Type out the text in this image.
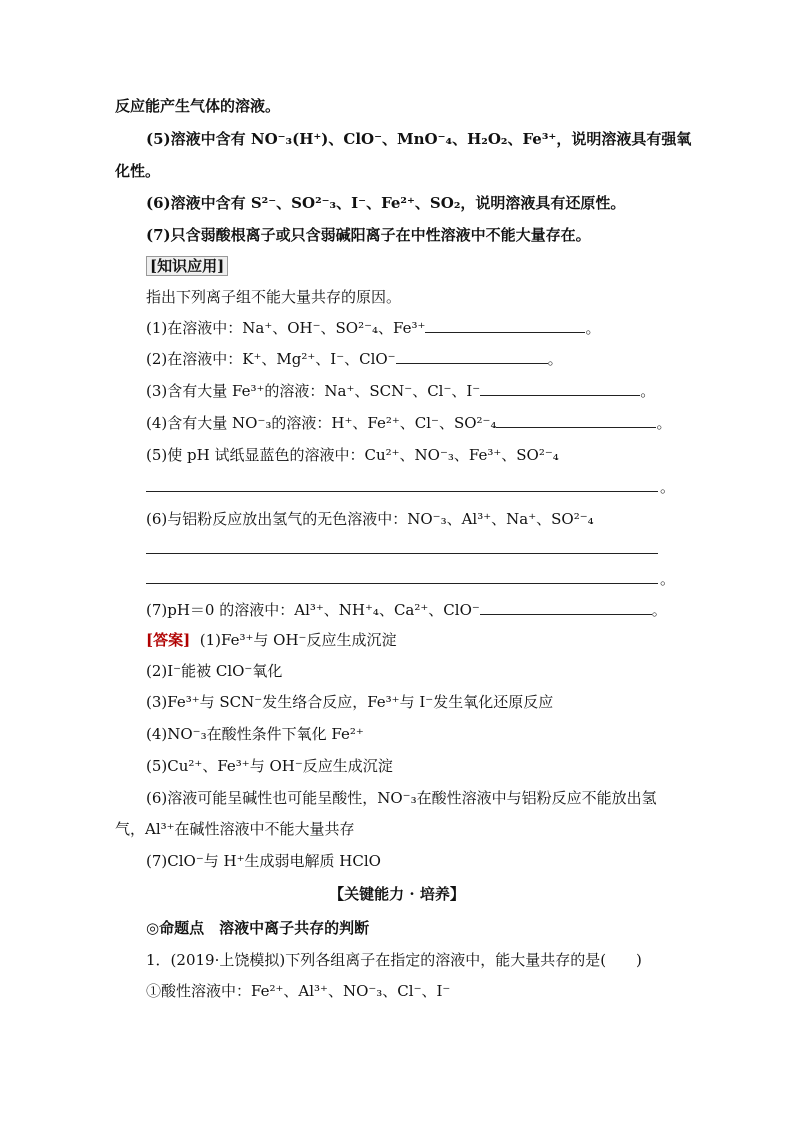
反应能产生气体的溶液。
(5)溶液中含有 NO⁻₃(H⁺)、ClO⁻、MnO⁻₄、H₂O₂、Fe³⁺，说明溶液具有强氧
化性。
(6)溶液中含有 S²⁻、SO²⁻₃、I⁻、Fe²⁺、SO₂，说明溶液具有还原性。
(7)只含弱酸根离子或只含弱碱阳离子在中性溶液中不能大量存在。
[知识应用]
指出下列离子组不能大量共存的原因。
(1)在溶液中：Na⁺、OH⁻、SO²⁻₄、Fe³⁺	。
(2)在溶液中：K⁺、Mg²⁺、I⁻、ClO⁻	。
(3)含有大量 Fe³⁺的溶液：Na⁺、SCN⁻、Cl⁻、I⁻	。
(4)含有大量 NO⁻₃的溶液：H⁺、Fe²⁺、Cl⁻、SO²⁻₄	。
(5)使 pH 试纸显蓝色的溶液中：Cu²⁺、NO⁻₃、Fe³⁺、SO²⁻₄
。
(6)与铝粉反应放出氢气的无色溶液中：NO⁻₃、Al³⁺、Na⁺、SO²⁻₄
。
(7)pH＝0 的溶液中：Al³⁺、NH⁺₄、Ca²⁺、ClO⁻	。
[答案] (1)Fe³⁺与 OH⁻反应生成沉淀
(2)I⁻能被 ClO⁻氧化
(3)Fe³⁺与 SCN⁻发生络合反应，Fe³⁺与 I⁻发生氧化还原反应
(4)NO⁻₃在酸性条件下氧化 Fe²⁺
(5)Cu²⁺、Fe³⁺与 OH⁻反应生成沉淀
(6)溶液可能呈碱性也可能呈酸性，NO⁻₃在酸性溶液中与铝粉反应不能放出氢
气，Al³⁺在碱性溶液中不能大量共存
(7)ClO⁻与 H⁺生成弱电解质 HClO
【关键能力 · 培养】
◎命题点　溶液中离子共存的判断
1．(2019·上饶模拟)下列各组离子在指定的溶液中，能大量共存的是(　　)
①酸性溶液中：Fe²⁺、Al³⁺、NO⁻₃、Cl⁻、I⁻
